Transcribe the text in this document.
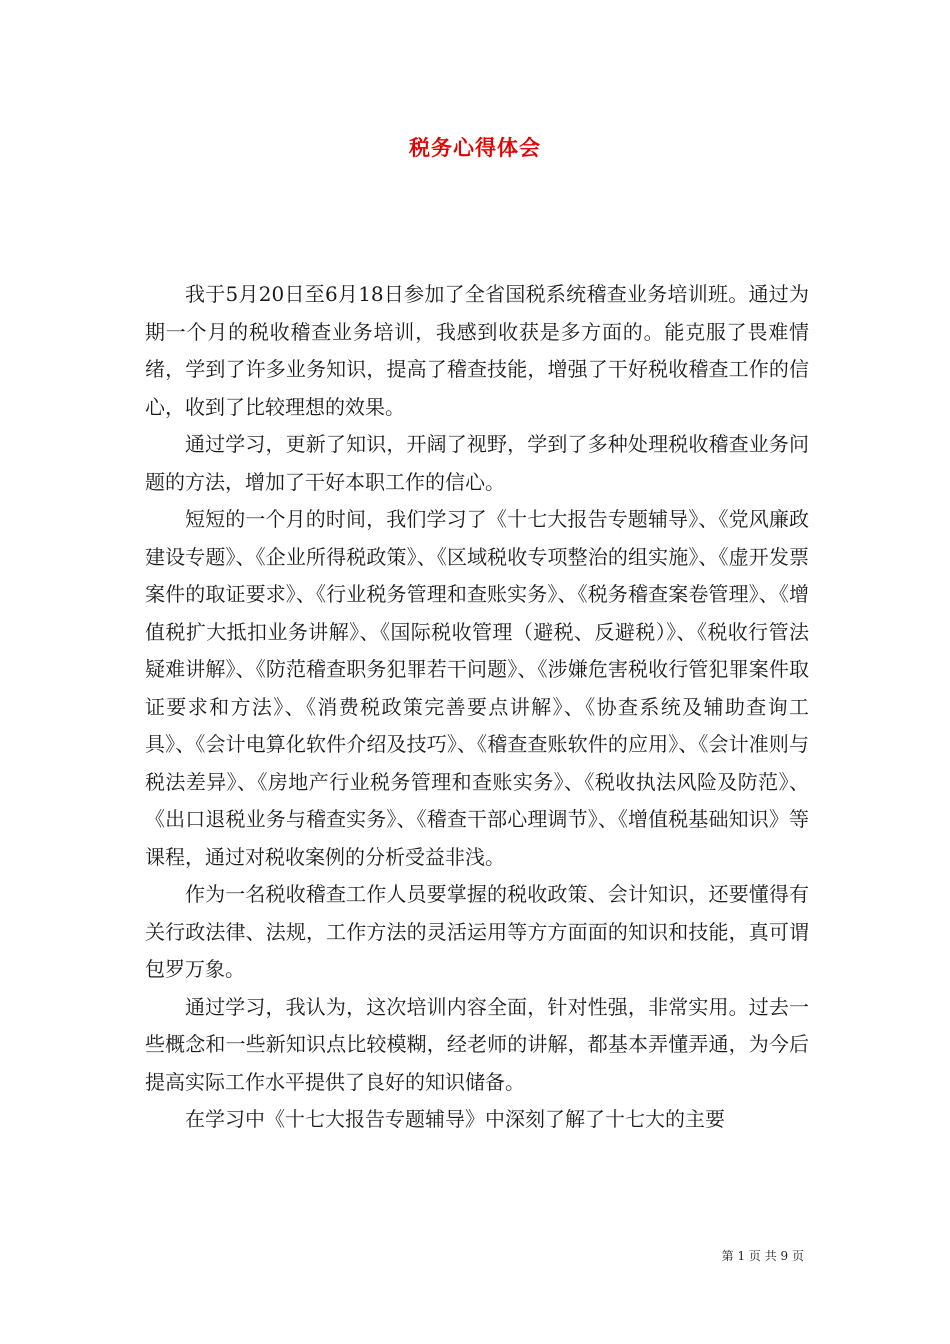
税务心得体会

我于5月20日至6月18日参加了全省国税系统稽查业务培训班。通过为期一个月的税收稽查业务培训，我感到收获是多方面的。能克服了畏难情绪，学到了许多业务知识，提高了稽查技能，增强了干好税收稽查工作的信心，收到了比较理想的效果。

通过学习，更新了知识，开阔了视野，学到了多种处理税收稽查业务问题的方法，增加了干好本职工作的信心。

短短的一个月的时间，我们学习了《十七大报告专题辅导》、《党风廉政建设专题》、《企业所得税政策》、《区域税收专项整治的组实施》、《虚开发票案件的取证要求》、《行业税务管理和查账实务》、《税务稽查案卷管理》、《增值税扩大抵扣业务讲解》、《国际税收管理（避税、反避税）》、《税收行管法疑难讲解》、《防范稽查职务犯罪若干问题》、《涉嫌危害税收行管犯罪案件取证要求和方法》、《消费税政策完善要点讲解》、《协查系统及辅助查询工具》、《会计电算化软件介绍及技巧》、《稽查查账软件的应用》、《会计准则与税法差异》、《房地产行业税务管理和查账实务》、《税收执法风险及防范》、《出口退税业务与稽查实务》、《稽查干部心理调节》、《增值税基础知识》等课程，通过对税收案例的分析受益非浅。

作为一名税收稽查工作人员要掌握的税收政策、会计知识，还要懂得有关行政法律、法规，工作方法的灵活运用等方方面面的知识和技能，真可谓包罗万象。

通过学习，我认为，这次培训内容全面，针对性强，非常实用。过去一些概念和一些新知识点比较模糊，经老师的讲解，都基本弄懂弄通，为今后提高实际工作水平提供了良好的知识储备。

在学习中《十七大报告专题辅导》中深刻了解了十七大的主要

第 1 页 共 9 页
